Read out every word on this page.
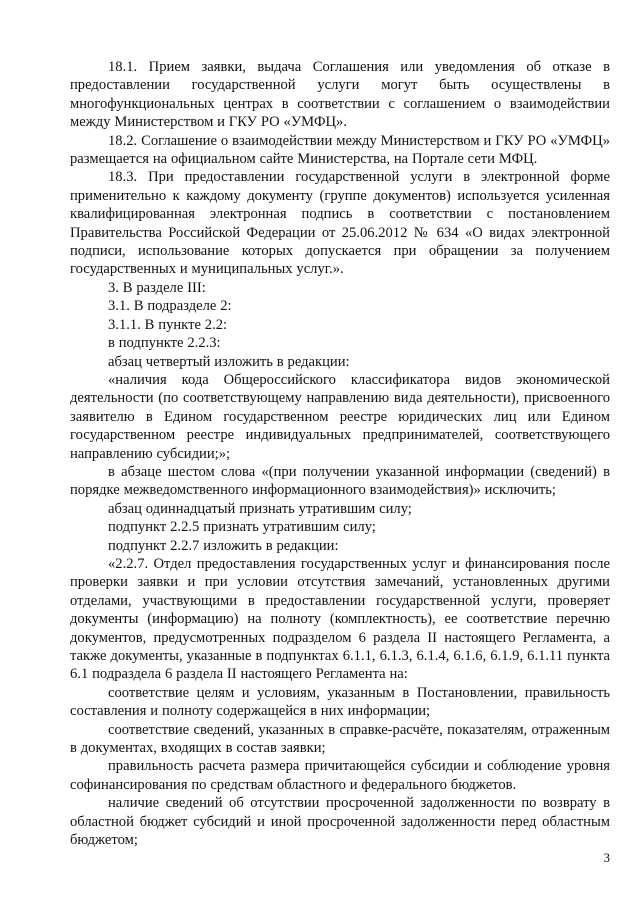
18.1. Прием заявки, выдача Соглашения или уведомления об отказе в предоставлении государственной услуги могут быть осуществлены в многофункциональных центрах в соответствии с соглашением о взаимодействии между Министерством и ГКУ РО «УМФЦ».

18.2. Соглашение о взаимодействии между Министерством и ГКУ РО «УМФЦ» размещается на официальном сайте Министерства, на Портале сети МФЦ.

18.3. При предоставлении государственной услуги в электронной форме применительно к каждому документу (группе документов) используется усиленная квалифицированная электронная подпись в соответствии с постановлением Правительства Российской Федерации от 25.06.2012 № 634 «О видах электронной подписи, использование которых допускается при обращении за получением государственных и муниципальных услуг.».

3. В разделе III:

3.1. В подразделе 2:

3.1.1. В пункте 2.2:

в подпункте 2.2.3:

абзац четвертый изложить в редакции:

«наличия кода Общероссийского классификатора видов экономической деятельности (по соответствующему направлению вида деятельности), присвоенного заявителю в Едином государственном реестре юридических лиц или Едином государственном реестре индивидуальных предпринимателей, соответствующего направлению субсидии;»;

в абзаце шестом слова «(при получении указанной информации (сведений) в порядке межведомственного информационного взаимодействия)» исключить;

абзац одиннадцатый признать утратившим силу;

подпункт 2.2.5 признать утратившим силу;

подпункт 2.2.7 изложить в редакции:

«2.2.7. Отдел предоставления государственных услуг и финансирования после проверки заявки и при условии отсутствия замечаний, установленных другими отделами, участвующими в предоставлении государственной услуги, проверяет документы (информацию) на полноту (комплектность), ее соответствие перечню документов, предусмотренных подразделом 6 раздела II настоящего Регламента, а также документы, указанные в подпунктах 6.1.1, 6.1.3, 6.1.4, 6.1.6, 6.1.9, 6.1.11 пункта 6.1 подраздела 6 раздела II настоящего Регламента на:

соответствие целям и условиям, указанным в Постановлении, правильность составления и полноту содержащейся в них информации;

соответствие сведений, указанных в справке-расчёте, показателям, отраженным в документах, входящих в состав заявки;

правильность расчета размера причитающейся субсидии и соблюдение уровня софинансирования по средствам областного и федерального бюджетов.

наличие сведений об отсутствии просроченной задолженности по возврату в областной бюджет субсидий и иной просроченной задолженности перед областным бюджетом;

3
